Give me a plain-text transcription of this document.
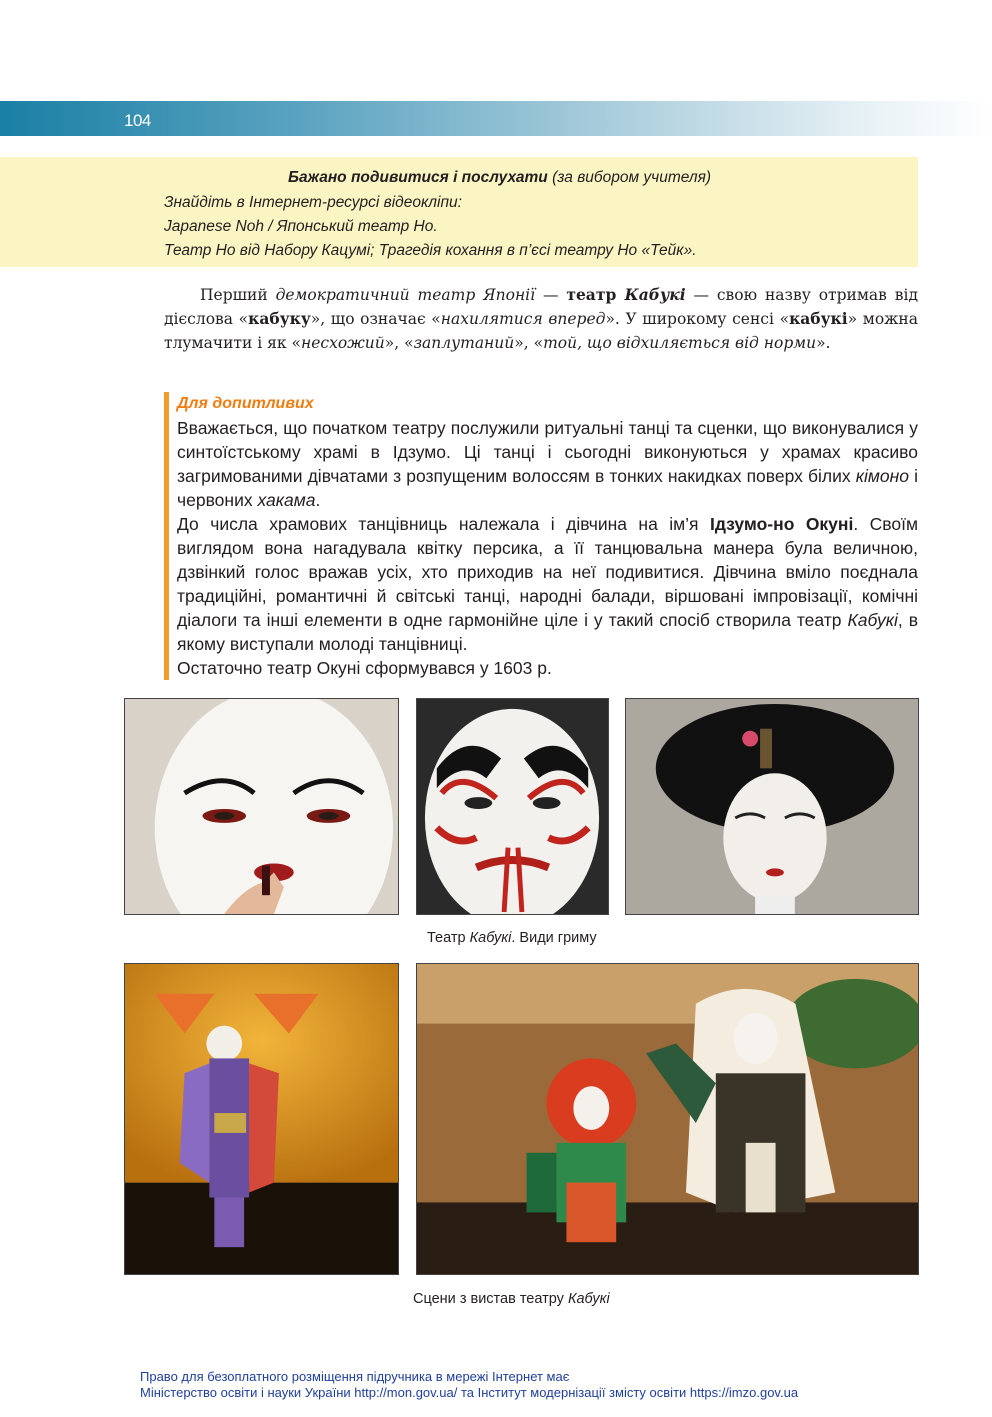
104
Бажано подивитися і послухати (за вибором учителя)
Знайдіть в Інтернет-ресурсі відеокліпи:
Japanese Noh / Японський театр Но.
Театр Но від Набору Кацумі; Трагедія кохання в п’єсі театру Но «Тейк».
Перший демократичний театр Японії — театр Кабукі — свою назву отримав від дієслова «кабуку», що означає «нахилятися вперед». У широкому сенсі «кабукі» можна тлумачити і як «несхожий», «заплутаний», «той, що відхиляється від норми».
Для допитливих
Вважається, що початком театру послужили ритуальні танці та сценки, що виконувалися у синтоїстському храмі в Ідзумо. Ці танці і сьогодні виконуються у храмах красиво загримованими дівчатами з розпущеним волоссям в тонких накидках поверх білих кімоно і червоних хакама.
До числа храмових танцівниць належала і дівчина на ім’я Ідзумо-но Окуні. Своїм виглядом вона нагадувала квітку персика, а її танцювальна манера була величною, дзвінкий голос вражав усіх, хто приходив на неї подивитися. Дівчина вміло поєднала традиційні, романтичні й світські танці, народні балади, віршовані імпровізації, комічні діалоги та інші елементи в одне гармонійне ціле і у такий спосіб створила театр Кабукі, в якому виступали молоді танцівниці.
Остаточно театр Окуні сформувався у 1603 р.
Театр Кабукі. Види гриму
Сцени з вистав театру Кабукі
Право для безоплатного розміщення підручника в мережі Інтернет має
Міністерство освіти і науки України http://mon.gov.ua/ та Інститут модернізації змісту освіти https://imzo.gov.ua
